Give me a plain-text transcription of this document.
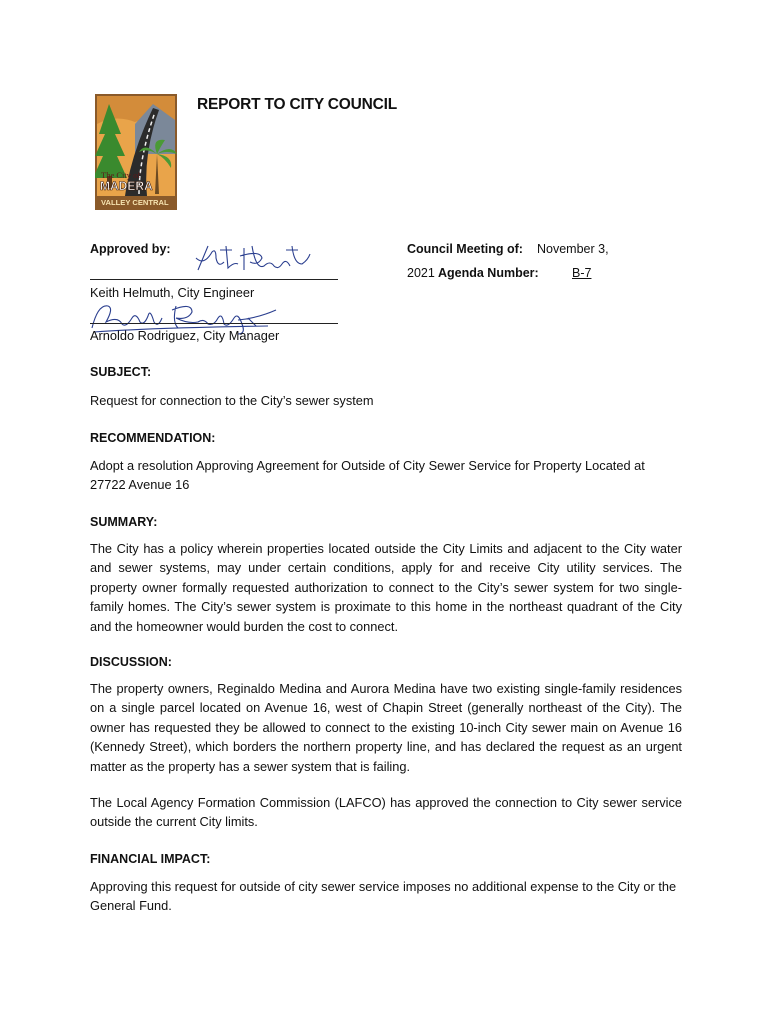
The City of
MADERA
VALLEY CENTRAL
REPORT TO CITY COUNCIL
Approved by:
Keith Helmuth, City Engineer
Arnoldo Rodriguez, City Manager
Council Meeting of: November 3,
2021 Agenda Number:	B-7
SUBJECT:
Request for connection to the City’s sewer system
RECOMMENDATION:
Adopt a resolution Approving Agreement for Outside of City Sewer Service for Property Located at 27722 Avenue 16
SUMMARY:
The City has a policy wherein properties located outside the City Limits and adjacent to the City water and sewer systems, may under certain conditions, apply for and receive City utility services. The property owner formally requested authorization to connect to the City’s sewer system for two single-family homes. The City’s sewer system is proximate to this home in the northeast quadrant of the City and the homeowner would burden the cost to connect.
DISCUSSION:
The property owners, Reginaldo Medina and Aurora Medina have two existing single-family residences on a single parcel located on Avenue 16, west of Chapin Street (generally northeast of the City). The owner has requested they be allowed to connect to the existing 10-inch City sewer main on Avenue 16 (Kennedy Street), which borders the northern property line, and has declared the request as an urgent matter as the property has a sewer system that is failing.
The Local Agency Formation Commission (LAFCO) has approved the connection to City sewer service outside the current City limits.
FINANCIAL IMPACT:
Approving this request for outside of city sewer service imposes no additional expense to the City or the General Fund.
